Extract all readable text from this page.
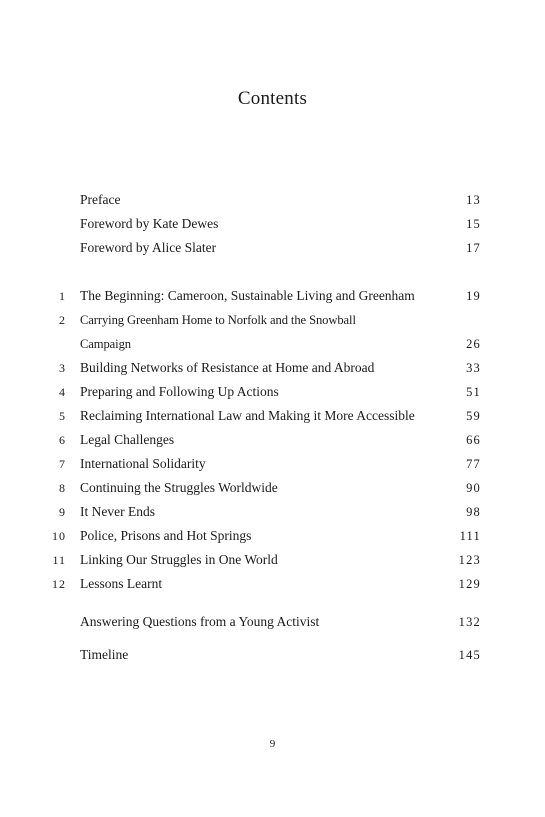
Contents
Preface	13
Foreword by Kate Dewes	15
Foreword by Alice Slater	17
1 The Beginning: Cameroon, Sustainable Living and Greenham	19
2 Carrying Greenham Home to Norfolk and the Snowball
Campaign	26
3 Building Networks of Resistance at Home and Abroad	33
4 Preparing and Following Up Actions	51
5 Reclaiming International Law and Making it More Accessible	59
6 Legal Challenges	66
7 International Solidarity	77
8 Continuing the Struggles Worldwide	90
9 It Never Ends	98
10 Police, Prisons and Hot Springs	111
11 Linking Our Struggles in One World	123
12 Lessons Learnt	129
Answering Questions from a Young Activist	132
Timeline	145
9
